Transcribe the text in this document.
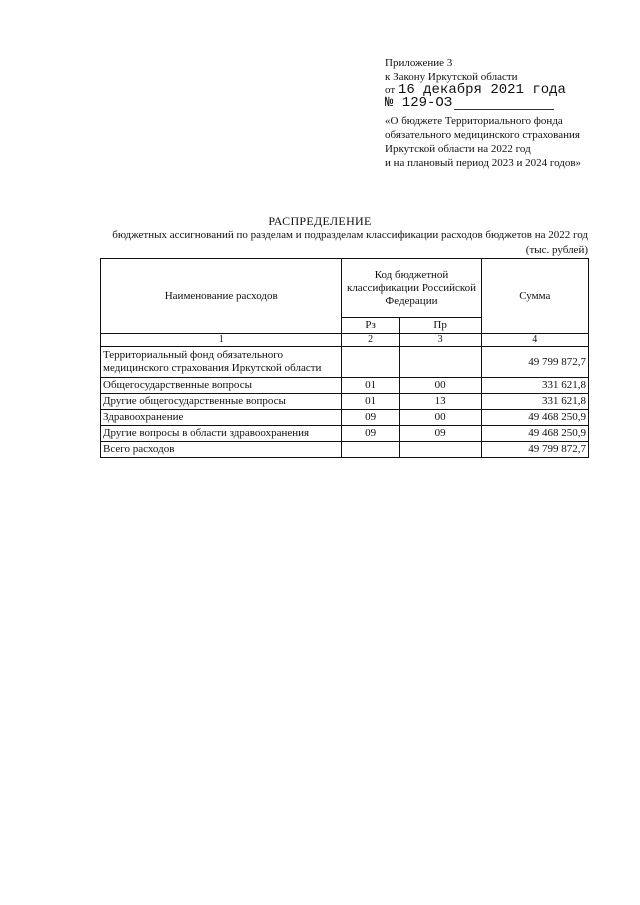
Приложение 3
к Закону Иркутской области
от 16 декабря 2021 года
№ 129-ОЗ
«О бюджете Территориального фонда
обязательного медицинского страхования
Иркутской области на 2022 год
и на плановый период 2023 и 2024 годов»
РАСПРЕДЕЛЕНИЕ
бюджетных ассигнований по разделам и подразделам классификации расходов бюджетов на 2022 год
(тыс. рублей)
Наименование расходов	Код бюджетной классификации Российской Федерации		Сумма
	Рз	Пр	
1	2	3	4
Территориальный фонд обязательного медицинского страхования Иркутской области			49 799 872,7
Общегосударственные вопросы	01	00	331 621,8
Другие общегосударственные вопросы	01	13	331 621,8
Здравоохранение	09	00	49 468 250,9
Другие вопросы в области здравоохранения	09	09	49 468 250,9
Всего расходов			49 799 872,7
